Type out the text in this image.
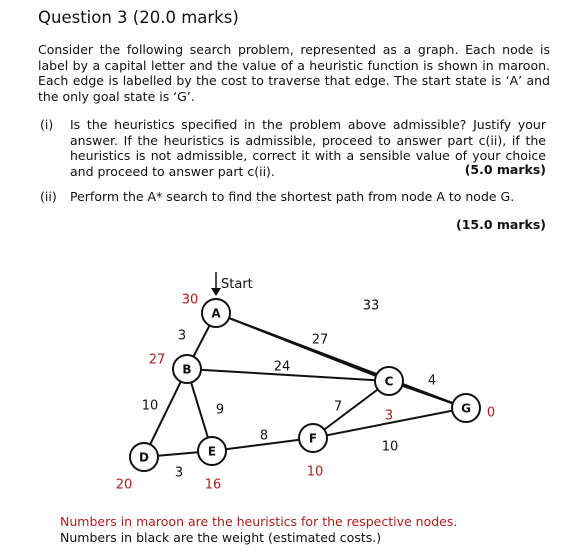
Question 3 (20.0 marks)
Consider the following search problem, represented as a graph. Each node is label by a capital letter and the value of a heuristic function is shown in maroon. Each edge is labelled by the cost to traverse that edge. The start state is ‘A’ and the only goal state is ‘G’.
(i) Is the heuristics specified in the problem above admissible? Justify your answer. If the heuristics is admissible, proceed to answer part c(ii), if the heuristics is not admissible, correct it with a sensible value of your choice and proceed to answer part c(ii).	(5.0 marks)
(ii) Perform the A* search to find the shortest path from node A to node G.
(15.0 marks)
Start
A
B
C
D	E
F
G
3	27
33
24
10	9
4
7
3
8
10
30
27
3
20	16
10
0
Numbers in maroon are the heuristics for the respective nodes.
Numbers in black are the weight (estimated costs.)
